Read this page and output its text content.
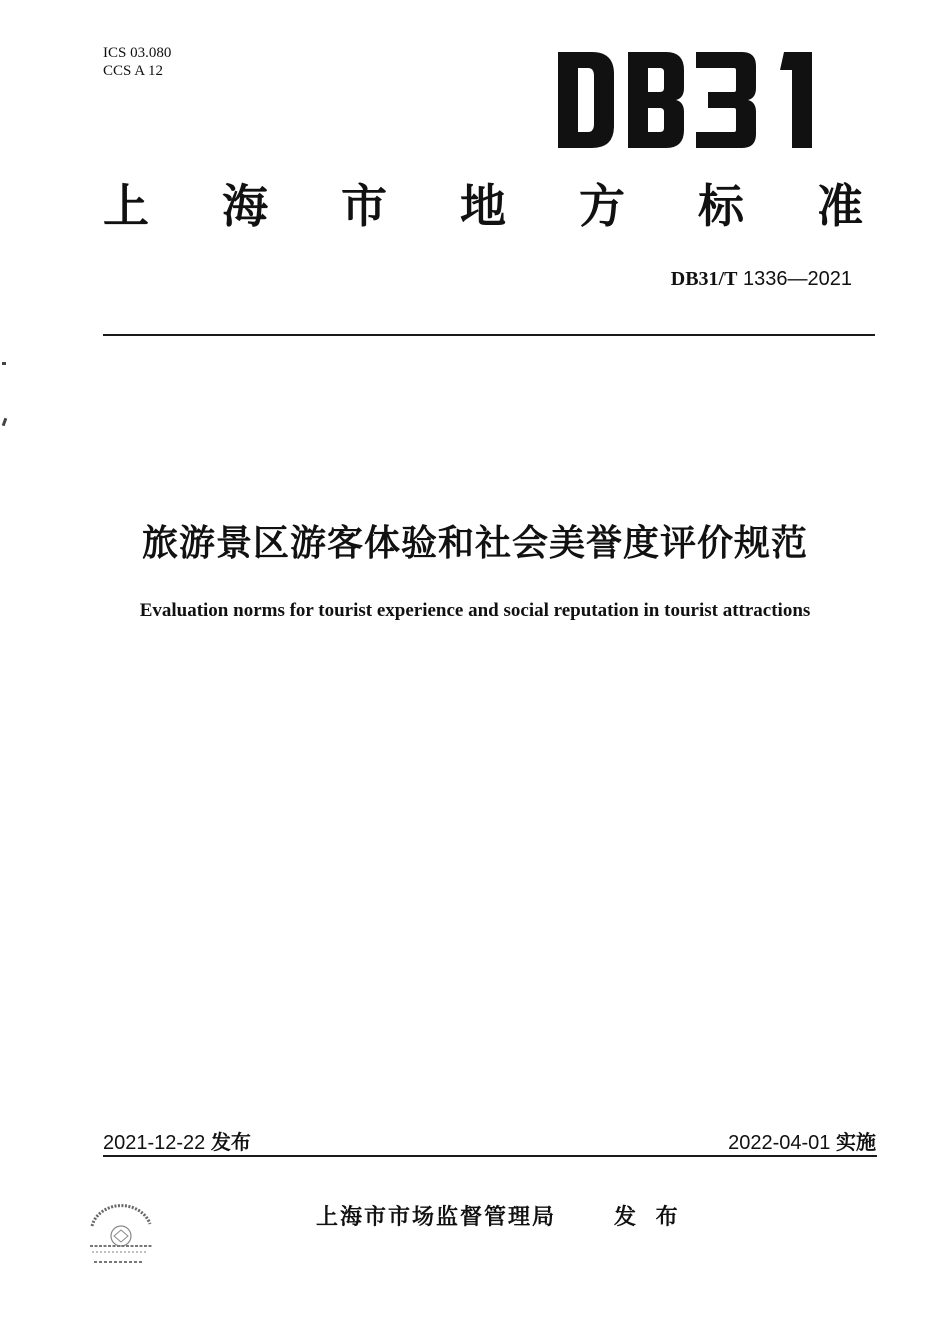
ICS 03.080
CCS A 12
上 海 市 地 方 标 准
DB31/T 1336—2021
旅游景区游客体验和社会美誉度评价规范
Evaluation norms for tourist experience and social reputation in tourist attractions
2021-12-22 发布	2022-04-01 实施
上海市市场监督管理局	发 布
